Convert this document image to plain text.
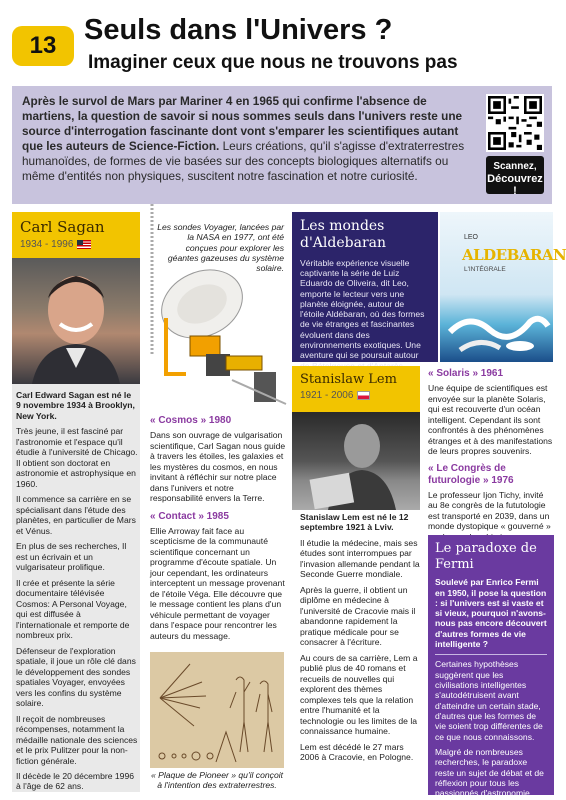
13 Seuls dans l'Univers ?
Imaginer ceux que nous ne trouvons pas
Après le survol de Mars par Mariner 4 en 1965 qui confirme l'absence de martiens, la question de savoir si nous sommes seuls dans l'univers reste une source d'interrogation fascinante dont vont s'emparer les scientifiques autant que les auteurs de Science-Fiction. Leurs créations, qu'il s'agisse d'extraterrestres humanoïdes, de formes de vie basées sur des concepts biologiques alternatifs ou même d'entités non physiques, suscitent notre fascination et notre curiosité.
Scannez,
Découvrez !
Carl Sagan
1934 - 1996

Carl Edward Sagan est né le 9 novembre 1934 à Brooklyn, New York.

Très jeune, il est fasciné par l'astronomie et l'espace qu'il étudie à l'université de Chicago. Il obtient son doctorat en astronomie et astrophysique en 1960.

Il commence sa carrière en se spécialisant dans l'étude des planètes, en particulier de Mars et Vénus.

En plus de ses recherches, Il est un écrivain et un vulgarisateur prolifique.

Il crée et présente la série documentaire télévisée Cosmos: A Personal Voyage, qui est diffusée à l'internationale et remporte de nombreux prix.

Défenseur de l'exploration spatiale, il joue un rôle clé dans le développement des sondes spatiales Voyager, envoyées vers les confins du système solaire.

Il reçoit de nombreuses récompenses, notamment la médaille nationale des sciences et le prix Pulitzer pour la non-fiction générale.

Il décède le 20 décembre 1996 à l'âge de 62 ans.

Les sondes Voyager, lancées par la NASA en 1977, ont été conçues pour explorer les géantes gazeuses du système solaire.
« Cosmos » 1980

Dans son ouvrage de vulgarisation scientifique, Carl Sagan nous guide à travers les étoiles, les galaxies et les mystères du cosmos, en nous invitant à réfléchir sur notre place dans l'univers et notre responsabilité envers la Terre.

« Contact » 1985

Ellie Arroway fait face au scepticisme de la communauté scientifique concernant un programme d'écoute spatiale. Un jour cependant, les ordinateurs interceptent un message provenant de l'étoile Véga. Elle découvre que le message contient les plans d'un véhicule permettant de voyager dans l'espace pour rencontrer les auteurs du message.

« Plaque de Pioneer » qu'il conçoit à l'intention des extraterrestres.
Les mondes d'Aldebaran
Véritable expérience visuelle captivante la série de Luiz Eduardo de Oliveira, dit Leo, emporte le lecteur vers une planète éloignée, autour de l'étoile Aldébaran, où des formes de vie étranges et fascinantes évoluent dans des environnements exotiques. Une aventure qui se poursuit autour
LEO
ALDEBARAN
L'INTÉGRALE
Stanislaw Lem
1921 - 2006

Stanislaw Lem est né le 12 septembre 1921 à Lviv.

Il étudie la médecine, mais ses études sont interrompues par l'invasion allemande pendant la Seconde Guerre mondiale.

Après la guerre, il obtient un diplôme en médecine à l'université de Cracovie mais il abandonne rapidement la pratique médicale pour se consacrer à l'écriture.

Au cours de sa carrière, Lem a publié plus de 40 romans et recueils de nouvelles qui explorent des thèmes complexes tels que la relation entre l'humanité et la technologie ou les limites de la connaissance humaine.

Lem est décédé le 27 mars 2006 à Cracovie, en Pologne.

« Solaris » 1961

Une équipe de scientifiques est envoyée sur la planète Solaris, qui est recouverte d'un océan intelligent. Cependant ils sont confrontés à des phénomènes étranges et à des manifestations de leurs propres souvenirs.

« Le Congrès de futurologie » 1976

Le professeur Ijon Tichy, invité au 8e congrès de la fututologie est transporté en 2039, dans un monde dystopique « gouverné »

Le paradoxe de Fermi
Soulevé par Enrico Fermi en 1950, il pose la question : si l'univers est si vaste et si vieux, pourquoi n'avons-nous pas encore découvert d'autres formes de vie intelligente ?
Certaines hypothèses suggèrent que les civilisations intelligentes s'autodétruisent avant d'atteindre un certain stade, d'autres que les formes de vie soient trop différentes de ce que nous connaissons.
Malgré de nombreuses recherches, le paradoxe reste un sujet de débat et de réflexion pour tous les passionnés d'astronomie.
